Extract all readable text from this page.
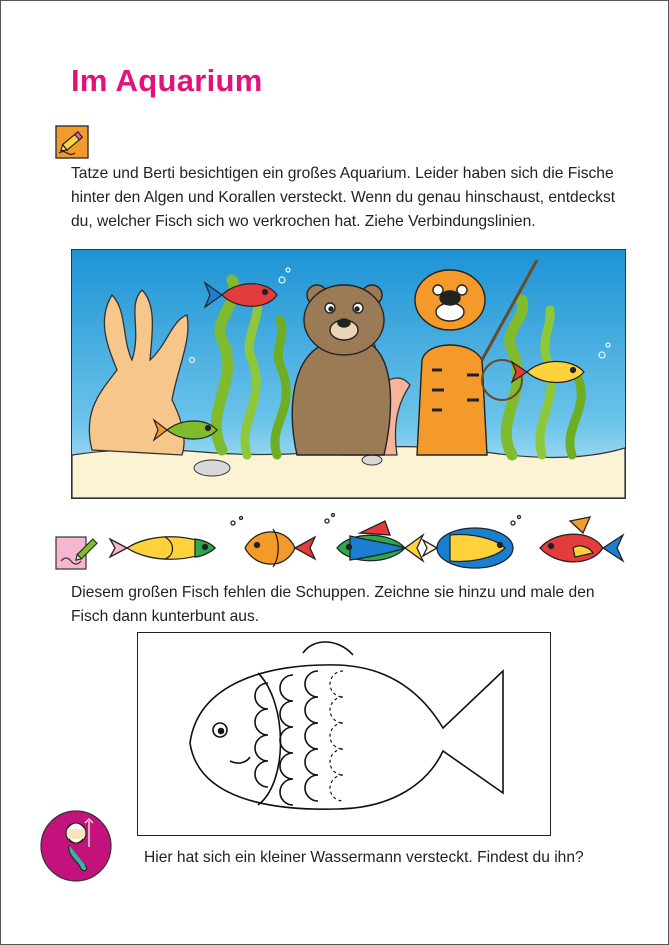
Im Aquarium
Tatze und Berti besichtigen ein großes Aquarium. Leider haben sich die Fische hinter den Algen und Korallen versteckt. Wenn du genau hinschaust, entdeckst du, welcher Fisch sich wo verkrochen hat. Ziehe Verbindungslinien.
Diesem großen Fisch fehlen die Schuppen. Zeichne sie hinzu und male den Fisch dann kunterbunt aus.
Hier hat sich ein kleiner Wassermann versteckt. Findest du ihn?
